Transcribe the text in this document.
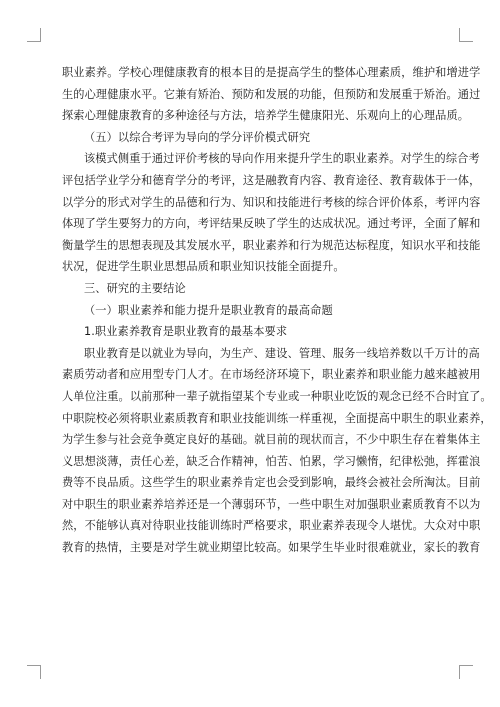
职业素养。学校心理健康教育的根本目的是提高学生的整体心理素质，维护和增进学
生的心理健康水平。它兼有矫治、预防和发展的功能，但预防和发展重于矫治。通过
探索心理健康教育的多种途径与方法，培养学生健康阳光、乐观向上的心理品质。
（五）以综合考评为导向的学分评价模式研究
该模式侧重于通过评价考核的导向作用来提升学生的职业素养。对学生的综合考
评包括学业学分和德育学分的考评，这是融教育内容、教育途径、教育载体于一体，
以学分的形式对学生的品德和行为、知识和技能进行考核的综合评价体系，考评内容
体现了学生要努力的方向，考评结果反映了学生的达成状况。通过考评，全面了解和
衡量学生的思想表现及其发展水平，职业素养和行为规范达标程度，知识水平和技能
状况，促进学生职业思想品质和职业知识技能全面提升。
三、研究的主要结论
（一）职业素养和能力提升是职业教育的最高命题
1.职业素养教育是职业教育的最基本要求
职业教育是以就业为导向，为生产、建设、管理、服务一线培养数以千万计的高
素质劳动者和应用型专门人才。在市场经济环境下，职业素养和职业能力越来越被用
人单位注重。以前那种一辈子就指望某个专业或一种职业吃饭的观念已经不合时宜了。
中职院校必须将职业素质教育和职业技能训练一样重视，全面提高中职生的职业素养，
为学生参与社会竞争奠定良好的基础。就目前的现状而言，不少中职生存在着集体主
义思想淡薄，责任心差，缺乏合作精神，怕苦、怕累，学习懒惰，纪律松弛，挥霍浪
费等不良品质。这些学生的职业素养肯定也会受到影响，最终会被社会所淘汰。目前
对中职生的职业素养培养还是一个薄弱环节，一些中职生对加强职业素质教育不以为
然，不能够认真对待职业技能训练时严格要求，职业素养表现令人堪忧。大众对中职
教育的热情，主要是对学生就业期望比较高。如果学生毕业时很难就业，家长的教育
